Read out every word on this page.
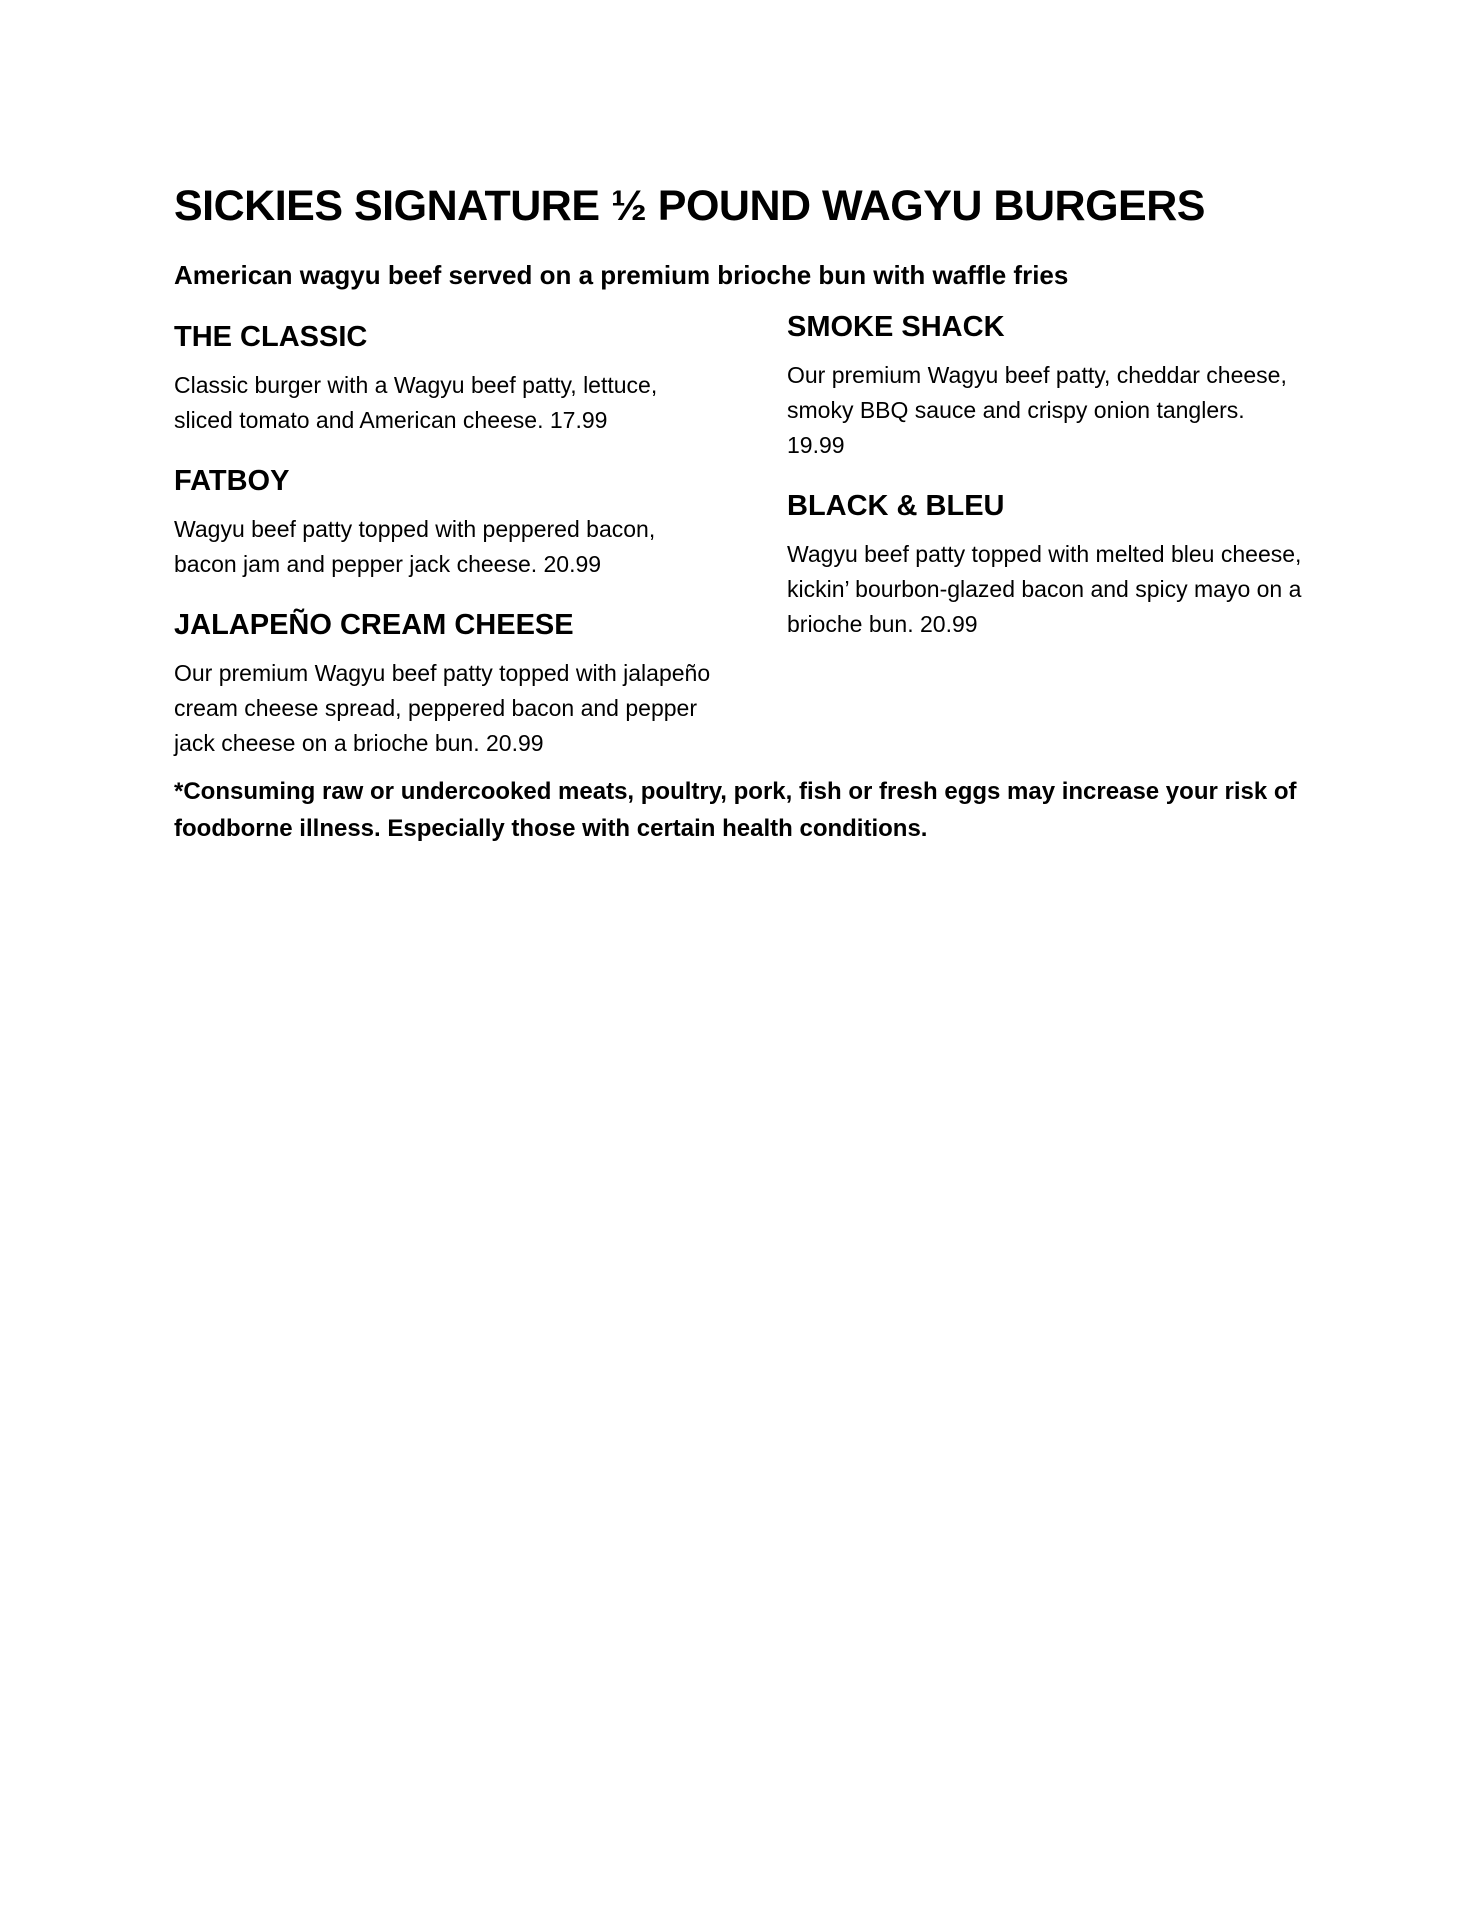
SICKIES SIGNATURE ½ POUND WAGYU BURGERS
American wagyu beef served on a premium brioche bun with waffle fries
THE CLASSIC

Classic burger with a Wagyu beef patty, lettuce, sliced tomato and American cheese. 17.99

FATBOY

Wagyu beef patty topped with peppered bacon, bacon jam and pepper jack cheese. 20.99

JALAPEÑO CREAM CHEESE

Our premium Wagyu beef patty topped with jalapeño cream cheese spread, peppered bacon and pepper jack cheese on a brioche bun. 20.99

SMOKE SHACK

Our premium Wagyu beef patty, cheddar cheese, smoky BBQ sauce and crispy onion tanglers. 19.99

BLACK & BLEU

Wagyu beef patty topped with melted bleu cheese, kickin’ bourbon-glazed bacon and spicy mayo on a brioche bun. 20.99

*Consuming raw or undercooked meats, poultry, pork, fish or fresh eggs may increase your risk of foodborne illness. Especially those with certain health conditions.
